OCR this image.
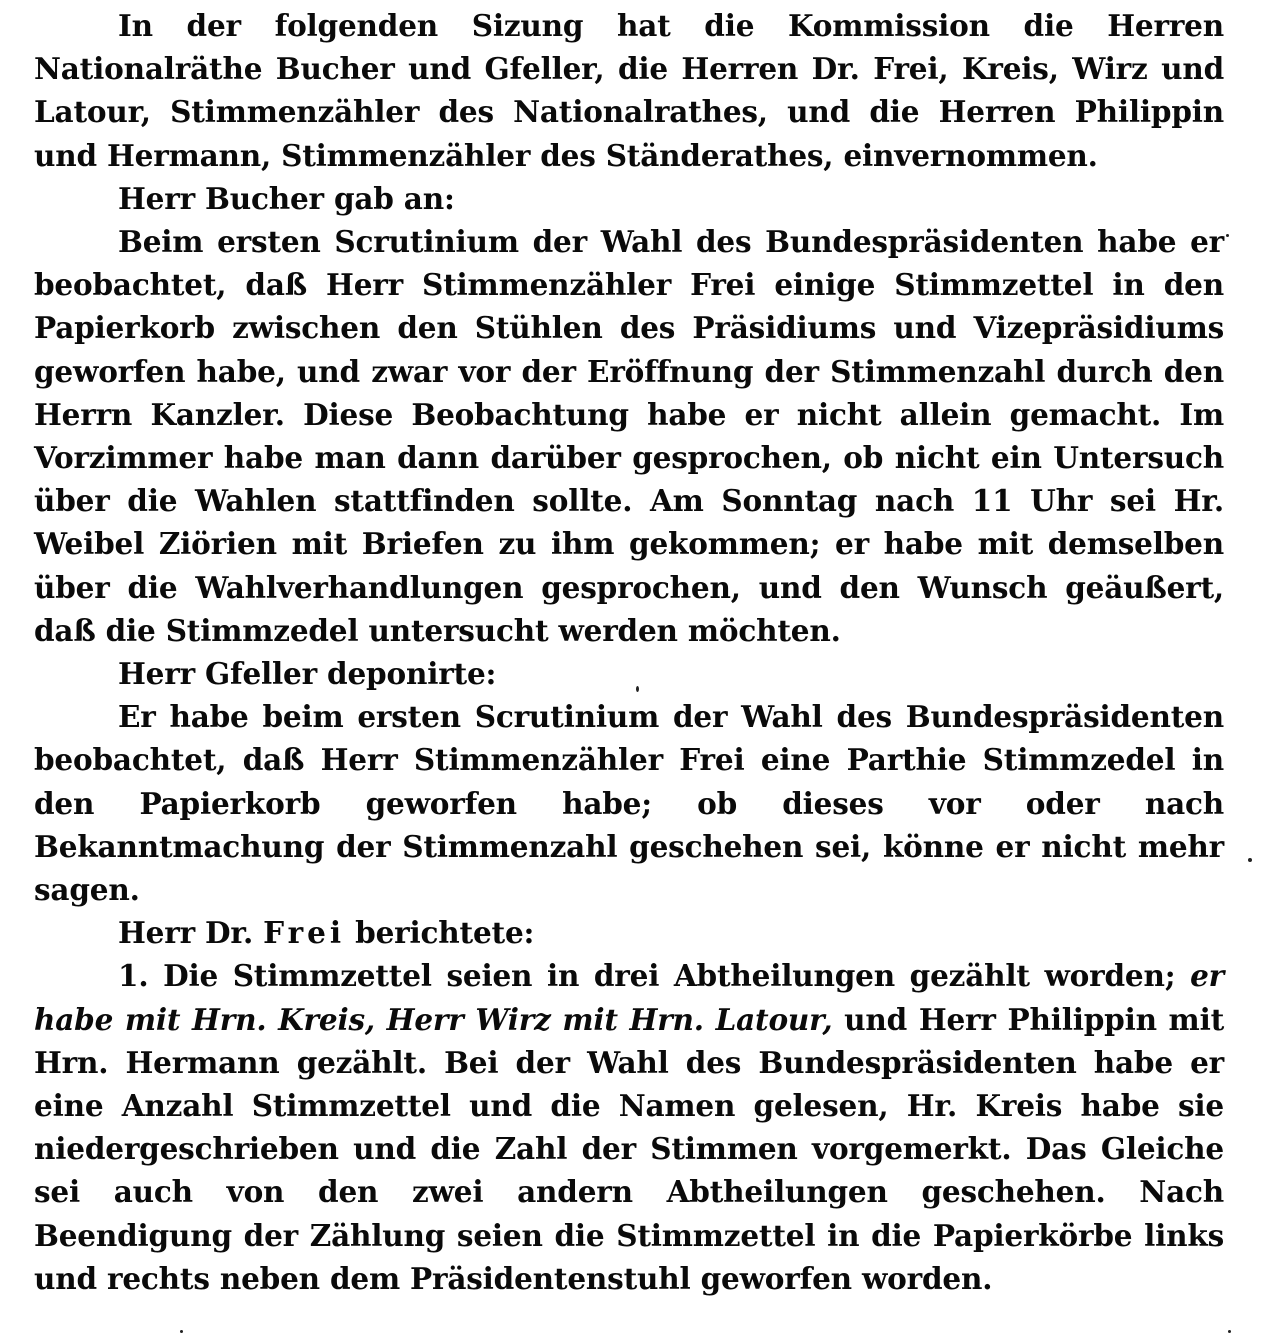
In der folgenden Sizung hat die Kommission die Herren Nationalräthe Bucher und Gfeller, die Herren Dr. Frei, Kreis, Wirz und Latour, Stimmenzähler des Nationalrathes, und die Herren Philippin und Hermann, Stimmenzähler des Ständerathes, einvernommen.

Herr Bucher gab an:

Beim ersten Scrutinium der Wahl des Bundespräsidenten habe er beobachtet, daß Herr Stimmenzähler Frei einige Stimmzettel in den Papierkorb zwischen den Stühlen des Präsidiums und Vizepräsidiums geworfen habe, und zwar vor der Eröffnung der Stimmenzahl durch den Herrn Kanzler. Diese Beobachtung habe er nicht allein gemacht. Im Vorzimmer habe man dann darüber gesprochen, ob nicht ein Untersuch über die Wahlen stattfinden sollte. Am Sonntag nach 11 Uhr sei Hr. Weibel Ziörien mit Briefen zu ihm gekommen; er habe mit demselben über die Wahlverhandlungen gesprochen, und den Wunsch geäußert, daß die Stimmzedel untersucht werden möchten.

Herr Gfeller deponirte:

Er habe beim ersten Scrutinium der Wahl des Bundespräsidenten beobachtet, daß Herr Stimmenzähler Frei eine Parthie Stimmzedel in den Papierkorb geworfen habe; ob dieses vor oder nach Bekanntmachung der Stimmenzahl geschehen sei, könne er nicht mehr sagen.

Herr Dr. Frei berichtete:

1. Die Stimmzettel seien in drei Abtheilungen gezählt worden; er habe mit Hrn. Kreis, Herr Wirz mit Hrn. Latour, und Herr Philippin mit Hrn. Hermann gezählt. Bei der Wahl des Bundespräsidenten habe er eine Anzahl Stimmzettel und die Namen gelesen, Hr. Kreis habe sie niedergeschrieben und die Zahl der Stimmen vorgemerkt. Das Gleiche sei auch von den zwei andern Abtheilungen geschehen. Nach Beendigung der Zählung seien die Stimmzettel in die Papierkörbe links und rechts neben dem Präsidentenstuhl geworfen worden.
